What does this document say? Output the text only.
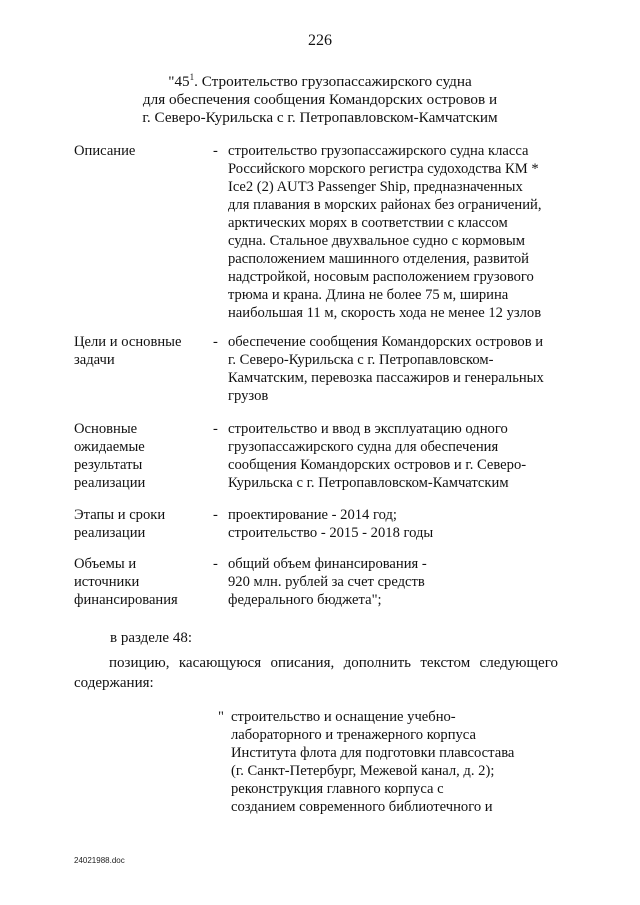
226
"$45^1$. Строительство грузопассажирского судна
для обеспечения сообщения Командорских островов и
г. Северо-Курильска с г. Петропавловском-Камчатским
Описание	- строительство грузопассажирского судна класса
Российского морского регистра судоходства КМ *
Ice2 (2) AUT3 Passenger Ship, предназначенных
для плавания в морских районах без ограничений,
арктических морях в соответствии с классом
судна. Стальное двухвальное судно с кормовым
расположением машинного отделения, развитой
надстройкой, носовым расположением грузового
трюма и крана. Длина не более 75 м, ширина
наибольшая 11 м, скорость хода не менее 12 узлов
Цели и основные
задачи
- обеспечение сообщения Командорских островов и
г. Северо-Курильска с г. Петропавловском-
Камчатским, перевозка пассажиров и генеральных
грузов
Основные
ожидаемые
результаты
реализации
- строительство и ввод в эксплуатацию одного
грузопассажирского судна для обеспечения
сообщения Командорских островов и г. Северо-
Курильска с г. Петропавловском-Камчатским
Этапы и сроки
реализации
- проектирование - 2014 год;
строительство - 2015 - 2018 годы
Объемы и
источники
финансирования
- общий объем финансирования -
920 млн. рублей за счет средств
федерального бюджета";
в разделе 48:
позицию, касающуюся описания, дополнить текстом следующего
содержания:
" строительство и оснащение учебно-
лабораторного и тренажерного корпуса
Института флота для подготовки плавсостава
(г. Санкт-Петербург, Межевой канал, д. 2);
реконструкция главного корпуса с
созданием современного библиотечного и
24021988.doc
